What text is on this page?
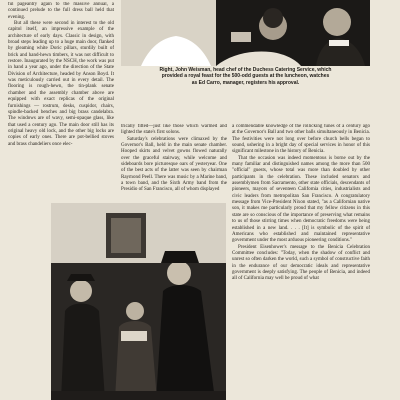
ful pageantry again to the massive annual, a continued prelude to the full dress ball held that evening.

But all these were second in interest to the old capitol itself, an impressive example of the architecture of early days. Classic in design, with broad steps leading up to a huge main door, flanked by gleaming white Doric pillars, sturdily built of brick and hand-hewn timbers, it was not difficult to restore. Inaugurated by the NSCH, the work was put in hand a year ago, under the direction of the State Division of Architecture, headed by Anson Boyd. It was meticulously carried out in every detail. The flooring is rough-hewn, the tin-plank senate chamber and the assembly chamber above are equipped with exact replicas of the original furnishings — rostrum, desks, cuspidor, chairs, spindle-backed benches and big brass candelabra. The windows are of wavy, semi-opaque glass, like that used a century ago. The main door still has its original heavy old lock, and the other big locks are copies of early ones. There are pot-bellied stoves and brass chandeliers once elec-

Right, John Weisman, head chef of the Duchess Catering Service, which
provided a royal feast for the 500-odd guests at the luncheon, watches
as Ed Carro, manager, registers his approval.

trically fitted—just like those which warmed and lighted the state's first solons.

Saturday's celebrations were climaxed by the Governor's Ball, held in the main senate chamber. Hooped skirts and velvet gowns flowed naturally over the graceful stairway, while welcome and sideboards bore picturesque oars of yesteryear. One of the best acts of the latter was seen by chairman Raymond Peell. There was music by a Marine band, a town band, and the Sixth Army band from the Presidio of San Francisco, all of whom displayed

a commendable knowledge of the rollicking tunes of a century ago at the Governor's Ball and two other balls simultaneously in Benicia. The festivities were not long over before church bells began to sound, ushering in a bright day of special services in honor of this significant milestone in the history of Benicia.

That the occasion was indeed momentous is borne out by the many familiar and distinguished names among the more than 500 "official" guests, whose total was more than doubled by other participants in the celebration. These included senators and assemblymen from Sacramento, other state officials, descendants of pioneers, mayors of seventeen California cities, industrialists and civic leaders from metropolitan San Francisco. A congratulatory message from Vice-President Nixon stated, "as a Californian native son, it makes me particularly proud that my fellow citizens in this state are so conscious of the importance of preserving what remains to us of those stirring times when democratic freedoms were being established in a new land. . . . [It] is symbolic of the spirit of Americans who established and maintained representative government under the most arduous pioneering conditions."

President Eisenhower's message to the Benicia Celebration Committee concludes: "Today, when the shadow of conflict and unrest so often darken the world, such a symbol of constructive faith in the endurance of our democratic ideals and representative government is deeply satisfying. The people of Benicia, and indeed all of California may well be proud of what
